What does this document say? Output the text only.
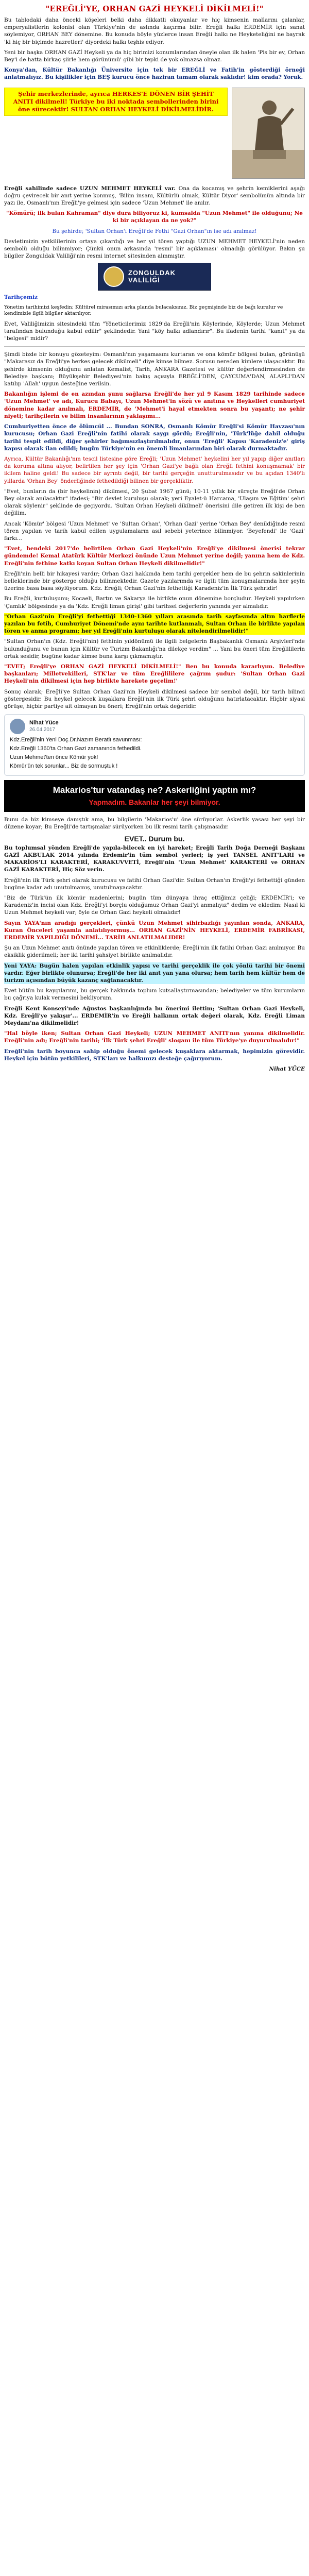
"EREĞLİ'YE, ORHAN GAZİ HEYKELİ DİKİLMELİ!"

Bu tablodaki daha önceki köşeleri belki daha dikkatli okuyanlar ve hiç kimsenin mallarını çalanlar, emperyalistlerin kolonisi olan Türkiye'nin de aslında kaçırma bilir. Ereğli halkı ERDEMİR için sanat söylemiyor, ORHAN BEY dönemine. Bu konuda böyle yüzlerce insan Ereğli halkı ne Heyketeliğini ne bayrak 'ki hiç bir biçimde hazretleri' diyordeki halkı teşhis ediyor.

Yeni bir başka ORHAN GAZİ Heykeli ya da hiç birimizi konumlarından öneyle olan ilk halen 'Pis bir ev, Orhan Bey'i de hatta birkaç şiirle hem görünümü' gibi bir tepki de yok olmazsa olmaz.

Konya'dan, Kültür Bakanlığı Üniversite için tek bir EREĞLİ ve Fatih'in gösterdiği örneği anlatmalıyız. Bu kişilikler için BEŞ kurucu önce haziran tamam olarak saklıdır! kim orada? Yoruk.

Şehir merkezlerinde, ayrıca HERKES'E DÖNEN BİR ŞEHİT ANITI dikilmeli! Türkiye bu iki noktada sembollerinden birini öne sürecektir! SULTAN ORHAN HEYKELİ DİKİLMELİDİR.

Ereğli sahilinde sadece UZUN MEHMET HEYKELİ var. Ona da kocamış ve şehrin kemiklerini aşağı doğru çevirecek bir anıt yerine konmuş, 'Bilim insanı, Kültürlü olmak, Kültür Diyor' sembolünün altında bir yazı ile, Osmanlı'nın Ereğli'ye gelmesi için sadece 'Uzun Mehmet' ile anılır.

"Kömürü; ilk bulan Kahraman" diye dura biliyoruz ki, kumsalda "Uzun Mehmet" ile olduğunu; Ne ki bir açıklayan da ne yok?"

Bu şehirde; 'Sultan Orhan'ı Ereğli'de Fethi "Gazi Orhan"ın ise adı anılmaz!

Devletimizin yetkililerinin ortaya çıkardığı ve her yıl tören yaptığı UZUN MEHMET HEYKELİ'nin neden sembolü olduğu bilinmiyor; Çünkü onun arkasında 'resmi' bir açıklaması' olmadığı görülüyor. Bakın şu bilgiler Zonguldak Valiliği'nin resmi internet sitesinden alınmıştır.

ZONGULDAK VALİLİĞİ

Tarihçemiz

Yönetim tarihimizi keşfedin; Kültürel mirasımızı arka planda bulacaksınız. Biz geçmişinde biz de bağı kurulur ve kendimizle ilgili bilgiler aktarılıyor.

Evet, Valiliğimizin sitesindeki tüm "Yöneticilerimiz 1829'da Ereğli'nin Köylerinde, Köylerde; Uzun Mehmet tarafından bulunduğu kabul edilir" şeklindedir. Yani "köy halkı adlandırır". Bu ifadenin tarihi "kanıt" ya da "belgesi" midir?

Şimdi bizde bir konuyu gözeteyim: Osmanlı'nın yaşamasını kurtaran ve ona kömür bölgesi bulan, görünüşü "Makarasız da Ereğli'ye herkes gelecek dikilmeli" diye kimse bilmez. Sorusu nereden kimlere ulaşacaktır. Bu şehirde kimsenin olduğunu anlatan Kemalist, Tarih, ANKARA Gazetesi ve kültür değerlendirmesinden de Belediye başkanı; Büyükşehir Belediyesi'nin bakış açısıyla EREĞLİ'DEN, ÇAYCUMA'DAN, ALAPLI'DAN katılıp 'Allah' uygun desteğine verilsin.

Bakanlığın işlemi de en azından şunu sağlarsa Ereğli'de her yıl 9 Kasım 1829 tarihinde sadece 'Uzun Mehmet' ve adı, Kurucu Babayı, Uzun Mehmet'in sözü ve anıtına ve Heykelleri cumhuriyet dönemine kadar anılmalı, ERDEMİR, de 'Mehmet'i hayal etmekten sonra bu yaşantı; ne şehir niyeti; tarihçilerin ve bilim insanlarının yaklaşımı...

Cumhuriyetten önce de ölümcül ... Bundan SONRA, Osmanlı Kömür Ereğli'si Kömür Havzası'nın kurucusu; Orhan Gazi Ereğli'nin fatihi olarak saygı gördü; Ereğli'nin, 'Türk'lüğe dahil olduğu tarihi tespit edildi, diğer şehirler bağımsızlaştırılmalıdır, onun 'Ereğli' Kapısı 'Karadeniz'e' giriş kapısı olarak ilan edildi; bugün Türkiye'nin en önemli limanlarından biri olarak durmaktadır.

Ayrıca, Kültür Bakanlığı'nın tescil listesine göre Ereğli; 'Uzun Mehmet' heykelini her yıl yapıp diğer anıtları da koruma altına alıyor, belirtilen her şey için 'Orhan Gazi'ye bağlı olan Ereğli fethini konuşmamak' bir ikilem haline geldi! Bu sadece bir ayrıntı değil, bir tarihi gerçeğin unutturulmasıdır ve bu açıdan 1340'lı yıllarda 'Orhan Bey' önderliğinde fethedildiği bilinen bir gerçekliktir.

"Evet, bunların da (bir heykelinin) dikilmesi, 20 Şubat 1967 günü; 10-11 yıllık bir süreçte Ereğli'de Orhan Bey olarak anılacaktır" ifadesi; "Bir devlet kuruluşu olarak; yeri Eyalet-ü Harcama, 'Ulaşım ve Eğitim' şehri olarak söylenir" şeklinde de geçiyordu. 'Sultan Orhan Heykeli dikilmeli' önerisini dile getiren ilk kişi de ben değilim.

Ancak 'Kömür' bölgesi 'Uzun Mehmet' ve 'Sultan Orhan', 'Orhan Gazi' yerine 'Orhan Bey' denildiğinde resmi tören yapılan ve tarih kabul edilen uygulamaların asıl sebebi yeterince bilinmiyor. 'Beyefendi' ile 'Gazi' farkı...

"Evet, bendeki 2017'de belirtilen Orhan Gazi Heykeli'nin Ereğli'ye dikilmesi önerisi tekrar gündemde! Kemal Atatürk Kültür Merkezi önünde Uzun Mehmet yerine değil; yanına hem de Kdz. Ereğli'nin fethine katkı koyan Sultan Orhan Heykeli dikilmelidir!"

Ereğli'nin belli bir hikayesi vardır; Orhan Gazi hakkında hem tarihi gerçekler hem de bu şehrin sakinlerinin belleklerinde bir gösterge olduğu bilinmektedir. Gazete yazılarımda ve ilgili tüm konuşmalarımda her şeyin üzerine basa basa söylüyorum. Kdz. Ereğli; Orhan Gazi'nin fethettiği Karadeniz'in İlk Türk şehridir!

Bu Ereğli, kurtuluşunu; Kocaeli, Bartın ve Sakarya ile birlikte onun dönemine borçludur. Heykeli yapılırken 'Çamlık' bölgesinde ya da 'Kdz. Ereğli liman girişi' gibi tarihsel değerlerin yanında yer almalıdır.

"Orhan Gazi'nin Ereğli'yi fethettiği 1340-1360 yılları arasında tarih sayfasında altın harflerle yazılan bu fetih, Cumhuriyet Dönemi'nde aynı tarihte kutlanmalı, Sultan Orhan ile birlikte yapılan tören ve anma programı; her yıl Ereğli'nin kurtuluşu olarak nitelendirilmelidir!"

"Sultan Orhan'ın (Kdz. Ereğli'nin) fethinin yıldönümü ile ilgili belgelerin Başbakanlık Osmanlı Arşivleri'nde bulunduğunu ve bunun için Kültür ve Turizm Bakanlığı'na dilekçe verdim" ... Yani bu öneri tüm Ereğlililerin ortak sesidir, bugüne kadar kimse buna karşı çıkmamıştır.

"EVET; Ereğli'ye ORHAN GAZİ HEYKELİ DİKİLMELİ!" Ben bu konuda kararlıyım. Belediye başkanları; Milletvekilleri, STK'lar ve tüm Ereğlililere çağrım şudur: 'Sultan Orhan Gazi Heykeli'nin dikilmesi için hep birlikte harekete geçelim!'

Sonuç olarak; Ereğli'ye Sultan Orhan Gazi'nin Heykeli dikilmesi sadece bir sembol değil, bir tarih bilinci göstergesidir. Bu heykel gelecek kuşaklara Ereğli'nin ilk Türk şehri olduğunu hatırlatacaktır. Hiçbir siyasi görüşe, hiçbir partiye ait olmayan bu öneri; Ereğli'nin ortak değeridir.

Nihat Yüce
26.04.2017

Kdz.Ereğli'nin Yeni Doç.Dr.Nazım Beratlı savunması:

Kdz.Ereğli 1360'ta Orhan Gazi zamanında fethedildi.

Uzun Mehmet'ten önce Kömür yok!

Kömür'ün tek sorunlar... Biz de sormuştuk !

Makarios'tur vatandaş ne? Askerliğini yaptın mı?
Yapmadım. Bakanlar her şeyi bilmiyor.

Bunu da biz kimseye danıştık ama, bu bilgilerin 'Makarios'u' öne sürüyorlar. Askerlik yasası her şeyi bir düzene koyar; Bu Ereğli'de tartışmalar sürüyorken bu ilk resmi tarih çalışmasıdır.

EVET.. Durum bu.

Bu toplumsal yönden Ereğli'de yapıla-bilecek en iyi hareket; Ereğli Tarih Doğa Derneği Başkanı GAZİ AKBULAK 2014 yılında Erdemir'in tüm sembol yerleri; iş yeri TANSEL ANIT'LARI ve MAKARİOS'LI KARAKTERİ, KARAKUVVETİ, Ereğli'nin 'Uzun Mehmet' KARAKTERİ ve ORHAN GAZİ KARAKTERİ, Hiç Söz verin.

Ereğli'nin ilk Türk şehri olarak kurucusu ve fatihi Orhan Gazi'dir. Sultan Orhan'ın Ereğli'yi fethettiği günden bugüne kadar adı unutulmamış, unutulmayacaktır.

"Biz de Türk'ün ilk kömür madenlerini; bugün tüm dünyaya ihraç ettiğimiz çeliği; ERDEMİR'i; ve Karadeniz'in incisi olan Kdz. Ereğli'yi borçlu olduğumuz Orhan Gazi'yi anmalıyız" dedim ve ekledim: Nasıl ki Uzun Mehmet heykeli var; öyle de Orhan Gazi heykeli olmalıdır!

Sayın YAYA'nın aradığı gerçekleri, çünkü Uzun Mehmet sihirbazlığı yayınlan sonda, ANKARA, Kuran Önceleri yaşamla anlatılıyormuş... ORHAN GAZİ'NİN HEYKELİ, ERDEMİR FABRİKASI, ERDEMİR YAPILDIĞI DÖNEMİ... TARİH ANLATILMALIDIR!

Şu an Uzun Mehmet anıtı önünde yapılan tören ve etkinliklerde; Ereğli'nin ilk fatihi Orhan Gazi anılmıyor. Bu eksiklik giderilmeli; her iki tarihi şahsiyet birlikte anılmalıdır.

Yeni YAYA: Bugün halen yapılan etkinlik yapısı ve tarihi gerçeklik ile çok yönlü tarihi bir önemi vardır. Eğer birlikte olunursa; Ereğli'de her iki anıt yan yana olursa; hem tarih hem kültür hem de turizm açısından büyük kazanç sağlanacaktır.

Evet bütün bu kaygılarımı, bu gerçek hakkında toplum kutsallaştırmasından; belediyeler ve tüm kurumların bu çağrıya kulak vermesini bekliyorum.

Ereğli Kent Konseyi'nde Ağustos başkanlığında bu önerimi ilettim; 'Sultan Orhan Gazi Heykeli, Kdz. Ereğli'ye yakışır'... ERDEMİR'in ve Ereğli halkının ortak değeri olarak, Kdz. Ereğli Liman Meydanı'na dikilmelidir!

"Hal böyle iken; Sultan Orhan Gazi Heykeli; UZUN MEHMET ANITI'nın yanına dikilmelidir. Ereğli'nin adı; Ereğli'nin tarihi; 'İlk Türk şehri Ereğli' sloganı ile tüm Türkiye'ye duyurulmalıdır!"

Ereğli'nin tarih boyunca sahip olduğu önemi gelecek kuşaklara aktarmak, hepimizin görevidir. Heykel için bütün yetkilileri, STK'ları ve halkımızı desteğe çağırıyorum.

Nihat YÜCE
